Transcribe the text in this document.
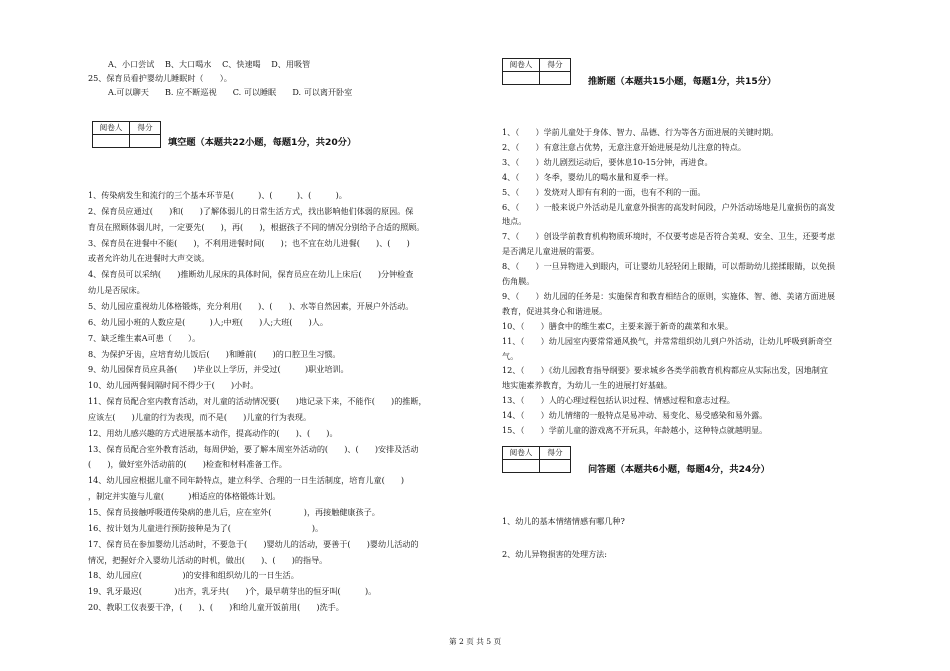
A、小口尝试　 B、大口喝水　 C、快速喝　 D、用吸管
25、保育员看护婴幼儿睡眠时（　　）。
A.可以聊天　　B. 应不断巡视　　C. 可以睡眠　　D. 可以离开卧室
阅卷人	得分
填空题（本题共22小题，每题1分，共20分）
1、传染病发生和流行的三个基本环节是(　　　)、(　　　)、(　　　)。
2、保育员应通过(　　)和(　　)了解体弱儿的日常生活方式，找出影响他们体弱的原因。保
育员在照顾体弱儿时，一定要先(　　)，再(　　)，根据孩子不同的情况分别给予合适的照顾。
3、保育员在进餐中不能(　　)，不利用进餐时间(　　)；也不宜在幼儿进餐(　　)、(　　)
或者允许幼儿在进餐时大声交谈。
4、保育员可以采纳(　　)推断幼儿尿床的具体时间，保育员应在幼儿上床后(　　)分钟检查
幼儿是否尿床。
5、幼儿园应重视幼儿体格锻炼，充分利用(　　)、(　　)、水等自然因素，开展户外活动。
6、幼儿园小班的人数应是(　　　)人;中班(　　)人;大班(　　)人。
7、缺乏维生素A可患（　　）。
8、为保护牙齿，应培育幼儿饭后(　　)和睡前(　　)的口腔卫生习惯。
9、幼儿园保育员应具备(　　)毕业以上学历，并受过(　　　)职业培训。
10、幼儿园两餐间隔时间不得少于(　　)小时。
11、保育员配合室内教育活动，对儿童的活动情况要(　　)地记录下来，不能作(　　)的推断，
应该左(　　)儿童的行为表现，而不是(　　)儿童的行为表现。
12、用幼儿感兴趣的方式进展基本动作，提高动作的(　　)、(　　)。
13、保育员配合室外教育活动，每周伊始，要了解本周室外活动的(　　)、(　　)安排及活动
(　　)，做好室外活动前的(　　)检查和材料准备工作。
14、幼儿园应根据儿童不同年龄特点，建立科学、合理的一日生活制度，培育儿童(　　)
，制定并实施与儿童(　　　)相适应的体格锻炼计划。
15、保育员接触呼吸道传染病的患儿后，应在室外(　　　　)，再接触健康孩子。
16、按计划为儿童进行预防接种是为了(　　　　　　　　　　)。
17、保育员在参加婴幼儿活动时，不要急于(　　)婴幼儿的活动，要善于(　　)婴幼儿活动的
情况，把握好介入婴幼儿活动的时机，做出(　　)、(　　)的指导。
18、幼儿园应(　　　　　)的安排和组织幼儿的一日生活。
19、乳牙最迟(　　　　)出齐，乳牙共(　　)个，最早萌芽出的恒牙叫(　　　)。
20、教职工仪表要干净，(　　)、(　　)和给儿童开饭前用(　　)洗手。
阅卷人	得分
推断题（本题共15小题，每题1分，共15分）
1、（　　）学前儿童处于身体、智力、品德、行为等各方面进展的关键时期。
2、（　　）有意注意占优势，无意注意开始进展是幼儿注意的特点。
3、（　　）幼儿剧烈运动后，要休息10-15分钟，再进食。
4、（　　）冬季，婴幼儿的喝水量和夏季一样。
5、（　　）发烧对人即有有利的一面，也有不利的一面。
6、（　　）一般来说户外活动是儿童意外损害的高发时间段，户外活动场地是儿童损伤的高发
地点。
7、（　　）创设学前教育机构物质环境时，不仅要考虑是否符合美观、安全、卫生，还要考虑
是否满足儿童进展的需要。
8、（　　）一旦异物进入到眼内，可让婴幼儿轻轻闭上眼睛，可以帮助幼儿搓揉眼睛，以免损
伤角膜。
9、（　　）幼儿园的任务是：实施保育和教育相结合的原则，实施体、智、德、美诸方面进展
教育，促进其身心和谐进展。
10、（　　）膳食中的维生素C，主要来源于新奇的蔬菜和水果。
11、（　　）幼儿园室内要常常通风换气，并常常组织幼儿到户外活动，让幼儿呼吸到新奇空
气。
12、（　　）《幼儿园教育指导纲要》要求城乡各类学前教育机构都应从实际出发，因地制宜
地实施素养教育，为幼儿一生的进展打好基础。
13、（　　）人的心理过程包括认识过程、情感过程和意志过程。
14、（　　）幼儿情绪的一般特点是易冲动、易变化、易受感染和易外露。
15、（　　）学前儿童的游戏离不开玩具，年龄越小，这种特点就越明显。
阅卷人	得分
问答题（本题共6小题，每题4分，共24分）
1、幼儿的基本情绪情感有哪几种?
2、幼儿异物损害的处理方法:
第 2 页 共 5 页
